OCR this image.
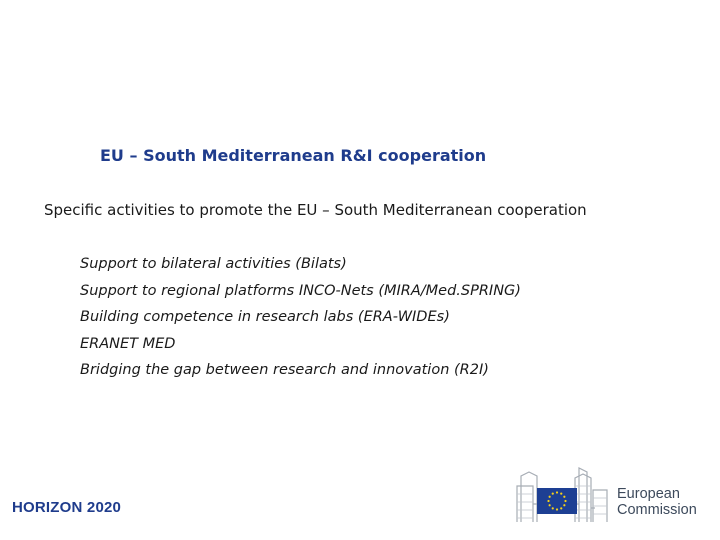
EU – South Mediterranean R&I cooperation
Specific activities to promote the EU – South Mediterranean cooperation
Support to bilateral activities (Bilats)
Support to regional platforms INCO-Nets (MIRA/Med.SPRING)
Building competence in research labs (ERA-WIDEs)
ERANET MED
Bridging the gap between research and innovation (R2I)
HORIZON 2020
European
Commission
